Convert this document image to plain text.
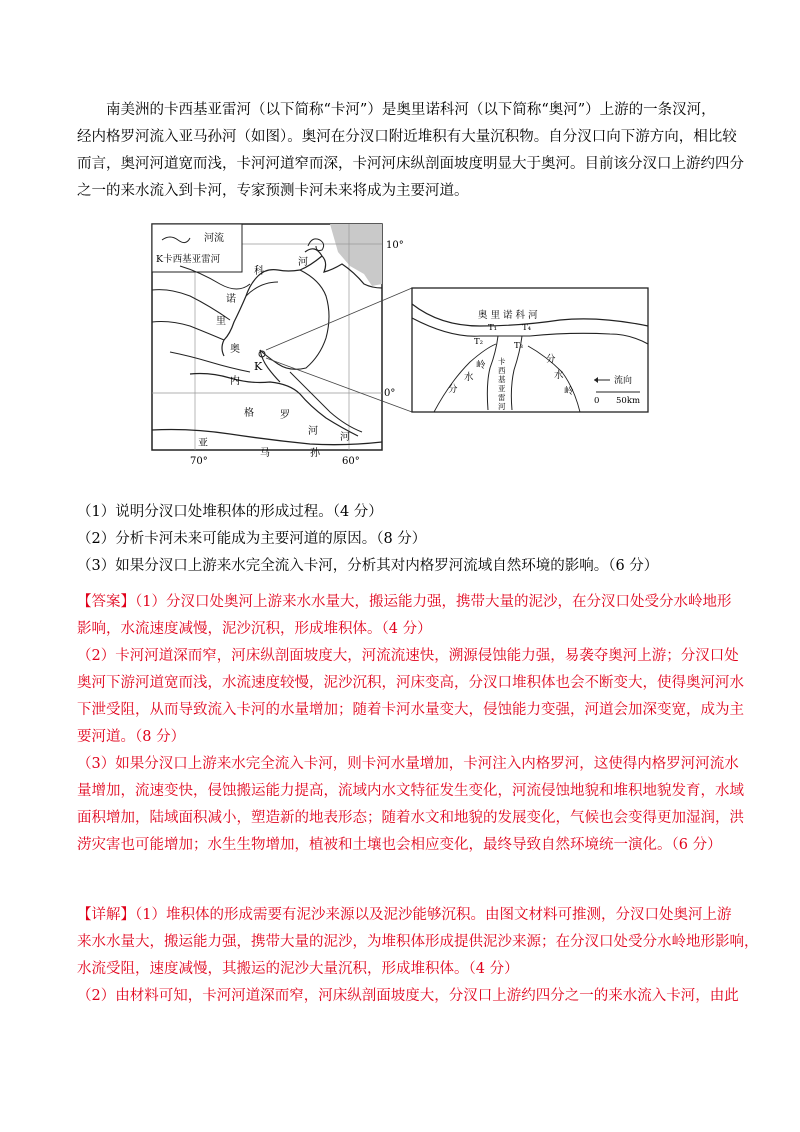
南美洲的卡西基亚雷河（以下简称“卡河”）是奥里诺科河（以下简称“奥河”）上游的一条汊河，
经内格罗河流入亚马孙河（如图）。奥河在分汊口附近堆积有大量沉积物。自分汊口向下游方向，相比较
而言，奥河河道宽而浅，卡河河道窄而深，卡河河床纵剖面坡度明显大于奥河。目前该分汊口上游约四分
之一的来水流入到卡河，专家预测卡河未来将成为主要河道。
河流
K卡西基亚雷河
K
河
科
诺
里
奥
内
格	罗
河
亚
马	孙
河
10°
0°
70°	60°
奥 里 诺 科 河
T₁	T₄
T₂	T₃
分
水
岭
分
水
岭
卡
西
基
亚
雷
河
流向
0 50km
（1）说明分汊口处堆积体的形成过程。（4 分）
（2）分析卡河未来可能成为主要河道的原因。（8 分）
（3）如果分汊口上游来水完全流入卡河，分析其对内格罗河流域自然环境的影响。（6 分）
【答案】（1）分汊口处奥河上游来水水量大，搬运能力强，携带大量的泥沙，在分汊口处受分水岭地形
影响，水流速度减慢，泥沙沉积，形成堆积体。（4 分）
（2）卡河河道深而窄，河床纵剖面坡度大，河流流速快，溯源侵蚀能力强，易袭夺奥河上游；分汊口处
奥河下游河道宽而浅，水流速度较慢，泥沙沉积，河床变高，分汊口堆积体也会不断变大，使得奥河河水
下泄受阻，从而导致流入卡河的水量增加；随着卡河水量变大，侵蚀能力变强，河道会加深变宽，成为主
要河道。（8 分）
（3）如果分汊口上游来水完全流入卡河，则卡河水量增加，卡河注入内格罗河，这使得内格罗河河流水
量增加，流速变快，侵蚀搬运能力提高，流域内水文特征发生变化，河流侵蚀地貌和堆积地貌发育，水域
面积增加，陆域面积减小，塑造新的地表形态；随着水文和地貌的发展变化，气候也会变得更加湿润，洪
涝灾害也可能增加；水生生物增加，植被和土壤也会相应变化，最终导致自然环境统一演化。（6 分）
【详解】（1）堆积体的形成需要有泥沙来源以及泥沙能够沉积。由图文材料可推测，分汊口处奥河上游
来水水量大，搬运能力强，携带大量的泥沙，为堆积体形成提供泥沙来源；在分汊口处受分水岭地形影响，
水流受阻，速度减慢，其搬运的泥沙大量沉积，形成堆积体。（4 分）
（2）由材料可知，卡河河道深而窄，河床纵剖面坡度大，分汊口上游约四分之一的来水流入卡河，由此
